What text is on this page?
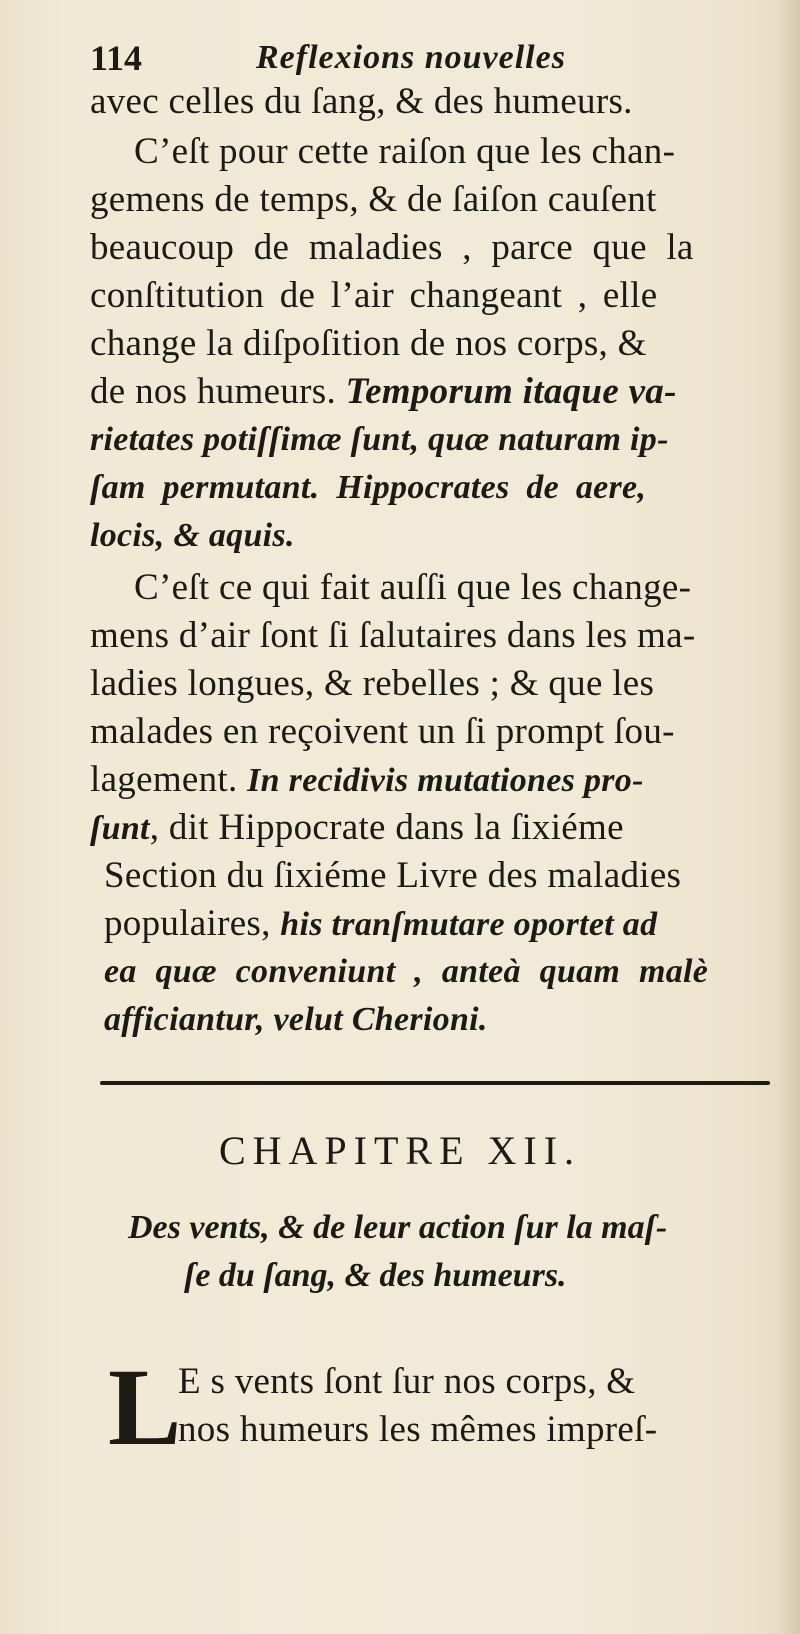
114	Reflexions nouvelles
avec celles du ſang, & des humeurs.
C’eſt pour cette raiſon que les chan-
gemens de temps, & de ſaiſon cauſent
beaucoup de maladies , parce que la
conſtitution de l’air changeant , elle
change la diſpoſition de nos corps, &
de nos humeurs. Temporum itaque va-
rietates potiſſimæ ſunt, quæ naturam ip-
ſam permutant. Hippocrates de aere,
locis, & aquis.
C’eſt ce qui fait auſſi que les change-
mens d’air ſont ſi ſalutaires dans les ma-
ladies longues, & rebelles ; & que les
malades en reçoivent un ſi prompt ſou-
lagement. In recidivis mutationes pro-
ſunt, dit Hippocrate dans la ſixiéme
Section du ſixiéme Livre des maladies
populaires, his tranſmutare oportet ad
ea quæ conveniunt , anteà quam malè
afficiantur, velut Cherioni.
CHAPITRE XII.
Des vents, & de leur action ſur la maſ-
ſe du ſang, & des humeurs.
L
E s vents ſont ſur nos corps, &
nos humeurs les mêmes impreſ-
